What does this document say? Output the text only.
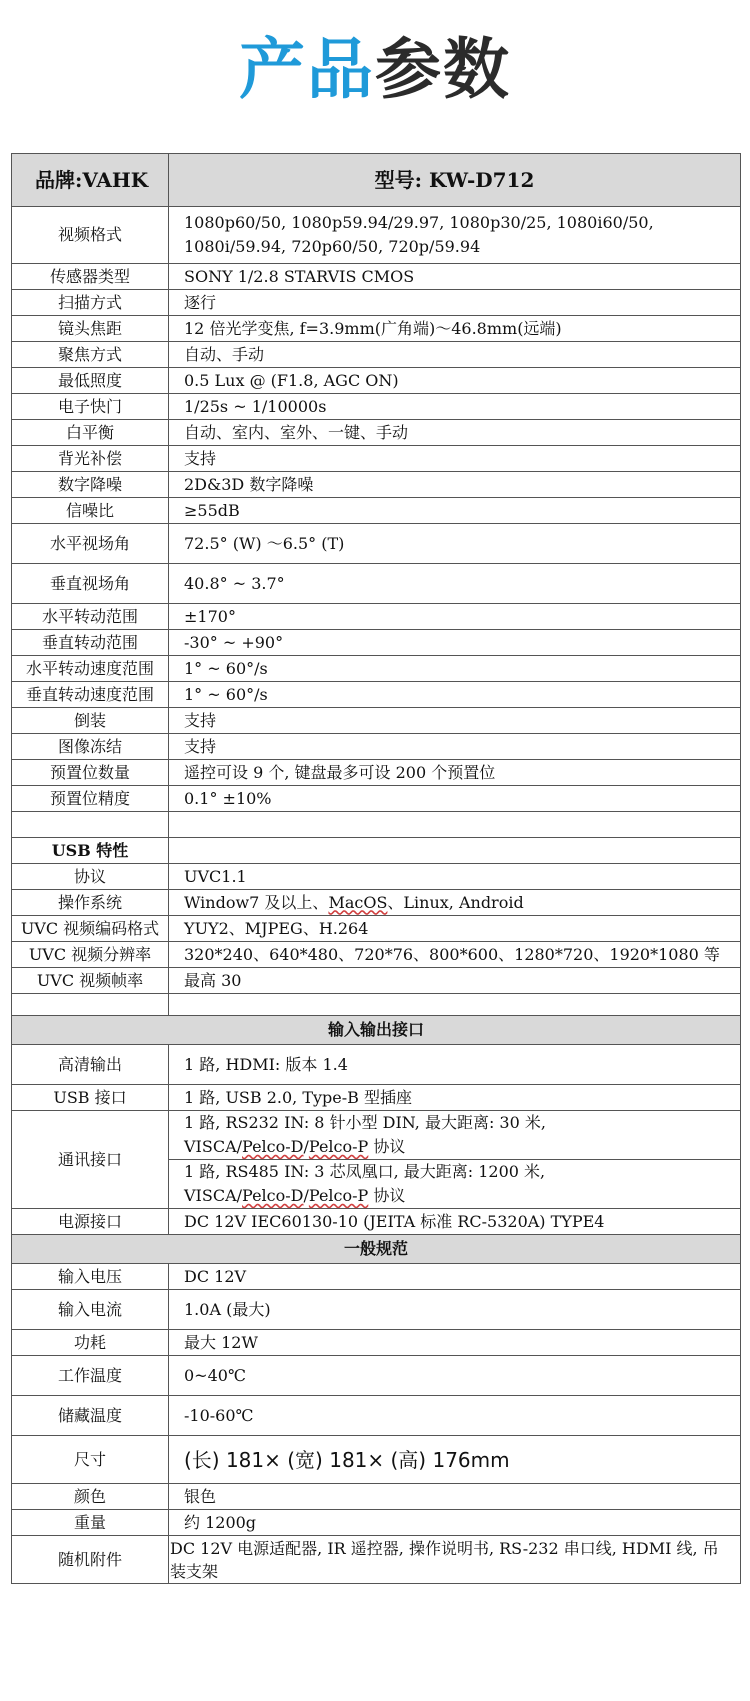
产品参数
品牌:VAHK	型号: KW-D712
视频格式	1080p60/50, 1080p59.94/29.97, 1080p30/25, 1080i60/50, 1080i/59.94, 720p60/50, 720p/59.94
传感器类型	SONY 1/2.8 STARVIS CMOS
扫描方式	逐行
镜头焦距	12 倍光学变焦, f=3.9mm(广角端)～46.8mm(远端)
聚焦方式	自动、手动
最低照度	0.5 Lux @ (F1.8, AGC ON)
电子快门	1/25s ~ 1/10000s
白平衡	自动、室内、室外、一键、手动
背光补偿	支持
数字降噪	2D&3D 数字降噪
信噪比	≥55dB
水平视场角	72.5° (W) ～6.5° (T)
垂直视场角	40.8° ~ 3.7°
水平转动范围	±170°
垂直转动范围	-30° ~ +90°
水平转动速度范围	1° ~ 60°/s
垂直转动速度范围	1° ~ 60°/s
倒装	支持
图像冻结	支持
预置位数量	遥控可设 9 个, 键盘最多可设 200 个预置位
预置位精度	0.1° ±10%

USB 特性	
协议	UVC1.1
操作系统	Window7 及以上、MacOS、Linux, Android
UVC 视频编码格式	YUY2、MJPEG、H.264
UVC 视频分辨率	320*240、640*480、720*76、800*600、1280*720、1920*1080 等
UVC 视频帧率	最高 30

输入输出接口	
高清输出	1 路, HDMI: 版本 1.4
USB 接口	1 路, USB 2.0, Type-B 型插座
通讯接口	1 路, RS232 IN: 8 针小型 DIN, 最大距离: 30 米,
VISCA/Pelco-D/Pelco-P 协议
	1 路, RS485 IN: 3 芯凤凰口, 最大距离: 1200 米,
VISCA/Pelco-D/Pelco-P 协议
电源接口	DC 12V IEC60130-10 (JEITA 标准 RC-5320A) TYPE4
一般规范	
输入电压	DC 12V
输入电流	1.0A (最大)
功耗	最大 12W
工作温度	0~40℃
储藏温度	-10-60℃
尺寸	(长) 181× (宽) 181× (高) 176mm
颜色	银色
重量	约 1200g
随机附件	DC 12V 电源适配器, IR 遥控器, 操作说明书, RS-232 串口线, HDMI 线, 吊装支架
